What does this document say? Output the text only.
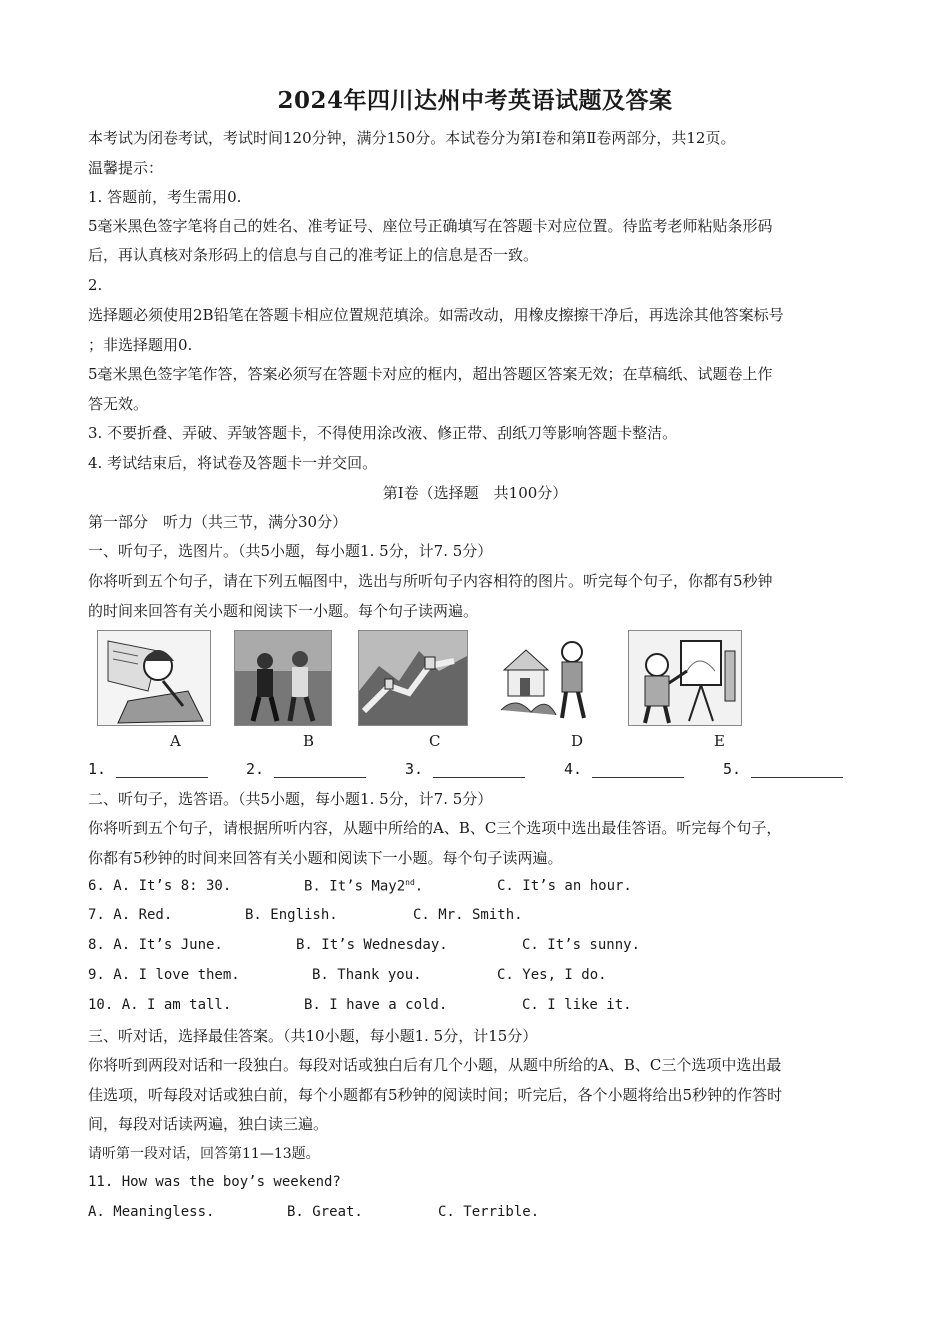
2024年四川达州中考英语试题及答案
本考试为闭卷考试，考试时间120分钟，满分150分。本试卷分为第Ⅰ卷和第Ⅱ卷两部分，共12页。
温馨提示：
1. 答题前，考生需用0.
5毫米黑色签字笔将自己的姓名、准考证号、座位号正确填写在答题卡对应位置。待监考老师粘贴条形码
后，再认真核对条形码上的信息与自己的准考证上的信息是否一致。
2.
选择题必须使用2B铅笔在答题卡相应位置规范填涂。如需改动，用橡皮擦擦干净后，再选涂其他答案标号
；非选择题用0.
5毫米黑色签字笔作答，答案必须写在答题卡对应的框内，超出答题区答案无效；在草稿纸、试题卷上作
答无效。
3. 不要折叠、弄破、弄皱答题卡，不得使用涂改液、修正带、刮纸刀等影响答题卡整洁。
4. 考试结束后，将试卷及答题卡一并交回。
第Ⅰ卷（选择题　共100分）
第一部分　听力（共三节，满分30分）
一、听句子，选图片。（共5小题，每小题1. 5分，计7. 5分）
你将听到五个句子，请在下列五幅图中，选出与所听句子内容相符的图片。听完每个句子，你都有5秒钟
的时间来回答有关小题和阅读下一小题。每个句子读两遍。
A	B	C	D	E
1.	2.	3.	4.	5.
二、听句子，选答语。（共5小题，每小题1. 5分，计7. 5分）
你将听到五个句子，请根据所听内容，从题中所给的A、B、C三个选项中选出最佳答语。听完每个句子，
你都有5秒钟的时间来回答有关小题和阅读下一小题。每个句子读两遍。
6. A. It’s 8: 30.	B. It’s May2nd.	C. It’s an hour.
7. A. Red.	B. English.	C. Mr. Smith.
8. A. It’s June.	B. It’s Wednesday.	C. It’s sunny.
9. A. I love them.	B. Thank you.	C. Yes, I do.
10. A. I am tall.	B. I have a cold.	C. I like it.
三、听对话，选择最佳答案。（共10小题，每小题1. 5分，计15分）
你将听到两段对话和一段独白。每段对话或独白后有几个小题，从题中所给的A、B、C三个选项中选出最
佳选项，听每段对话或独白前，每个小题都有5秒钟的阅读时间；听完后，各个小题将给出5秒钟的作答时
间，每段对话读两遍，独白读三遍。
请听第一段对话，回答第11—13题。
11. How was the boy’s weekend?
A. Meaningless.	B. Great.	C. Terrible.
